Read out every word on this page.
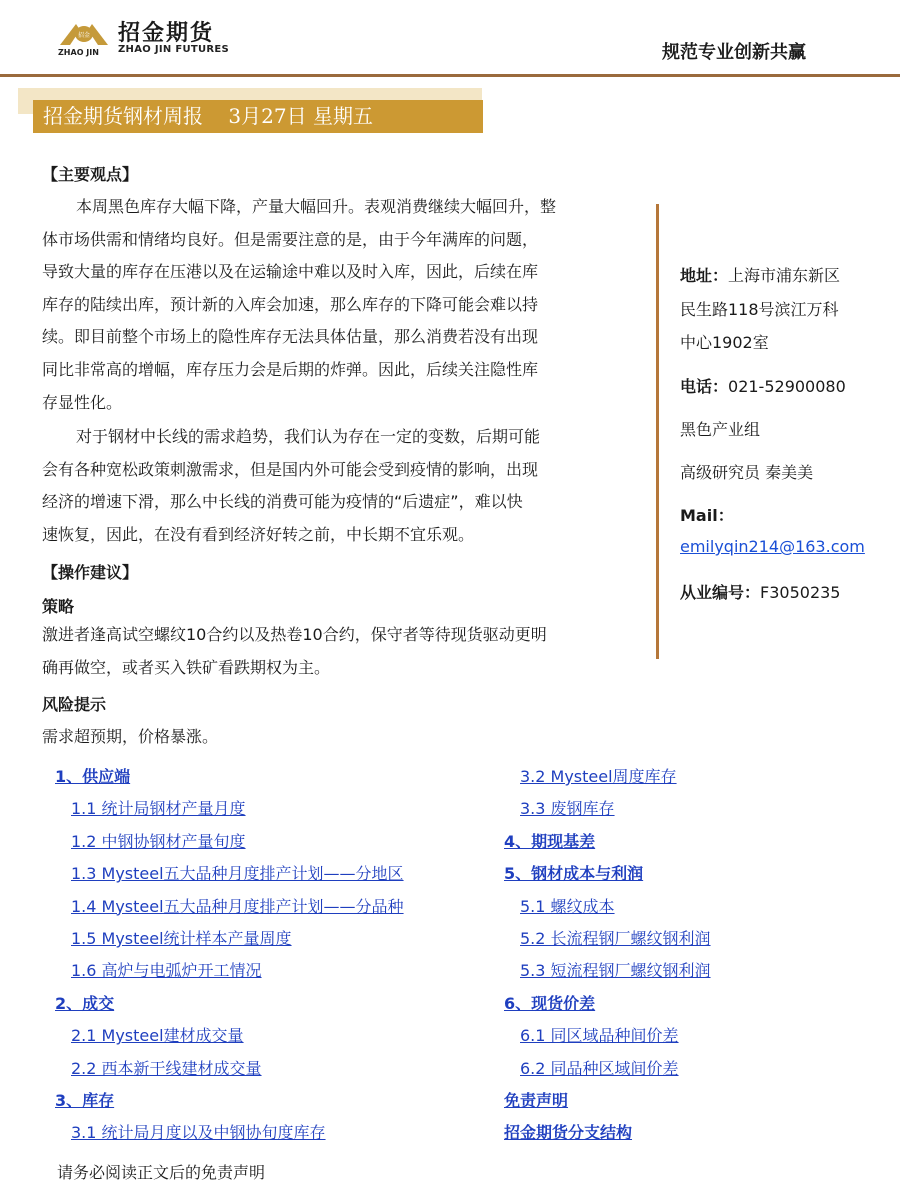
招金 招金期货
ZHAO JIN ZHAO JIN FUTURES	规范专业创新共赢
招金期货钢材周报    3月27日 星期五
【主要观点】
本周黑色库存大幅下降，产量大幅回升。表观消费继续大幅回升，整
体市场供需和情绪均良好。但是需要注意的是，由于今年满库的问题，
导致大量的库存在压港以及在运输途中难以及时入库，因此，后续在库
库存的陆续出库，预计新的入库会加速，那么库存的下降可能会难以持
续。即目前整个市场上的隐性库存无法具体估量，那么消费若没有出现
同比非常高的增幅，库存压力会是后期的炸弹。因此，后续关注隐性库
存显性化。
对于钢材中长线的需求趋势，我们认为存在一定的变数，后期可能
会有各种宽松政策刺激需求，但是国内外可能会受到疫情的影响，出现
经济的增速下滑，那么中长线的消费可能为疫情的“后遗症”，难以快
速恢复，因此，在没有看到经济好转之前，中长期不宜乐观。
【操作建议】
策略
激进者逢高试空螺纹10合约以及热卷10合约，保守者等待现货驱动更明
确再做空，或者买入铁矿看跌期权为主。
风险提示
需求超预期，价格暴涨。
地址：上海市浦东新区
民生路118号滨江万科
中心1902室
电话：021-52900080
黑色产业组
高级研究员 秦美美
Mail：
emilyqin214@163.com
从业编号：F3050235
1、供应端
1.1 统计局钢材产量月度
1.2 中钢协钢材产量旬度
1.3 Mysteel五大品种月度排产计划——分地区
1.4 Mysteel五大品种月度排产计划——分品种
1.5 Mysteel统计样本产量周度
1.6 高炉与电弧炉开工情况
2、成交
2.1 Mysteel建材成交量
2.2 西本新干线建材成交量
3、库存
3.1 统计局月度以及中钢协旬度库存
3.2 Mysteel周度库存
3.3 废钢库存
4、期现基差
5、钢材成本与利润
5.1 螺纹成本
5.2 长流程钢厂螺纹钢利润
5.3 短流程钢厂螺纹钢利润
6、现货价差
6.1 同区域品种间价差
6.2 同品种区域间价差
免责声明
招金期货分支结构
请务必阅读正文后的免责声明
